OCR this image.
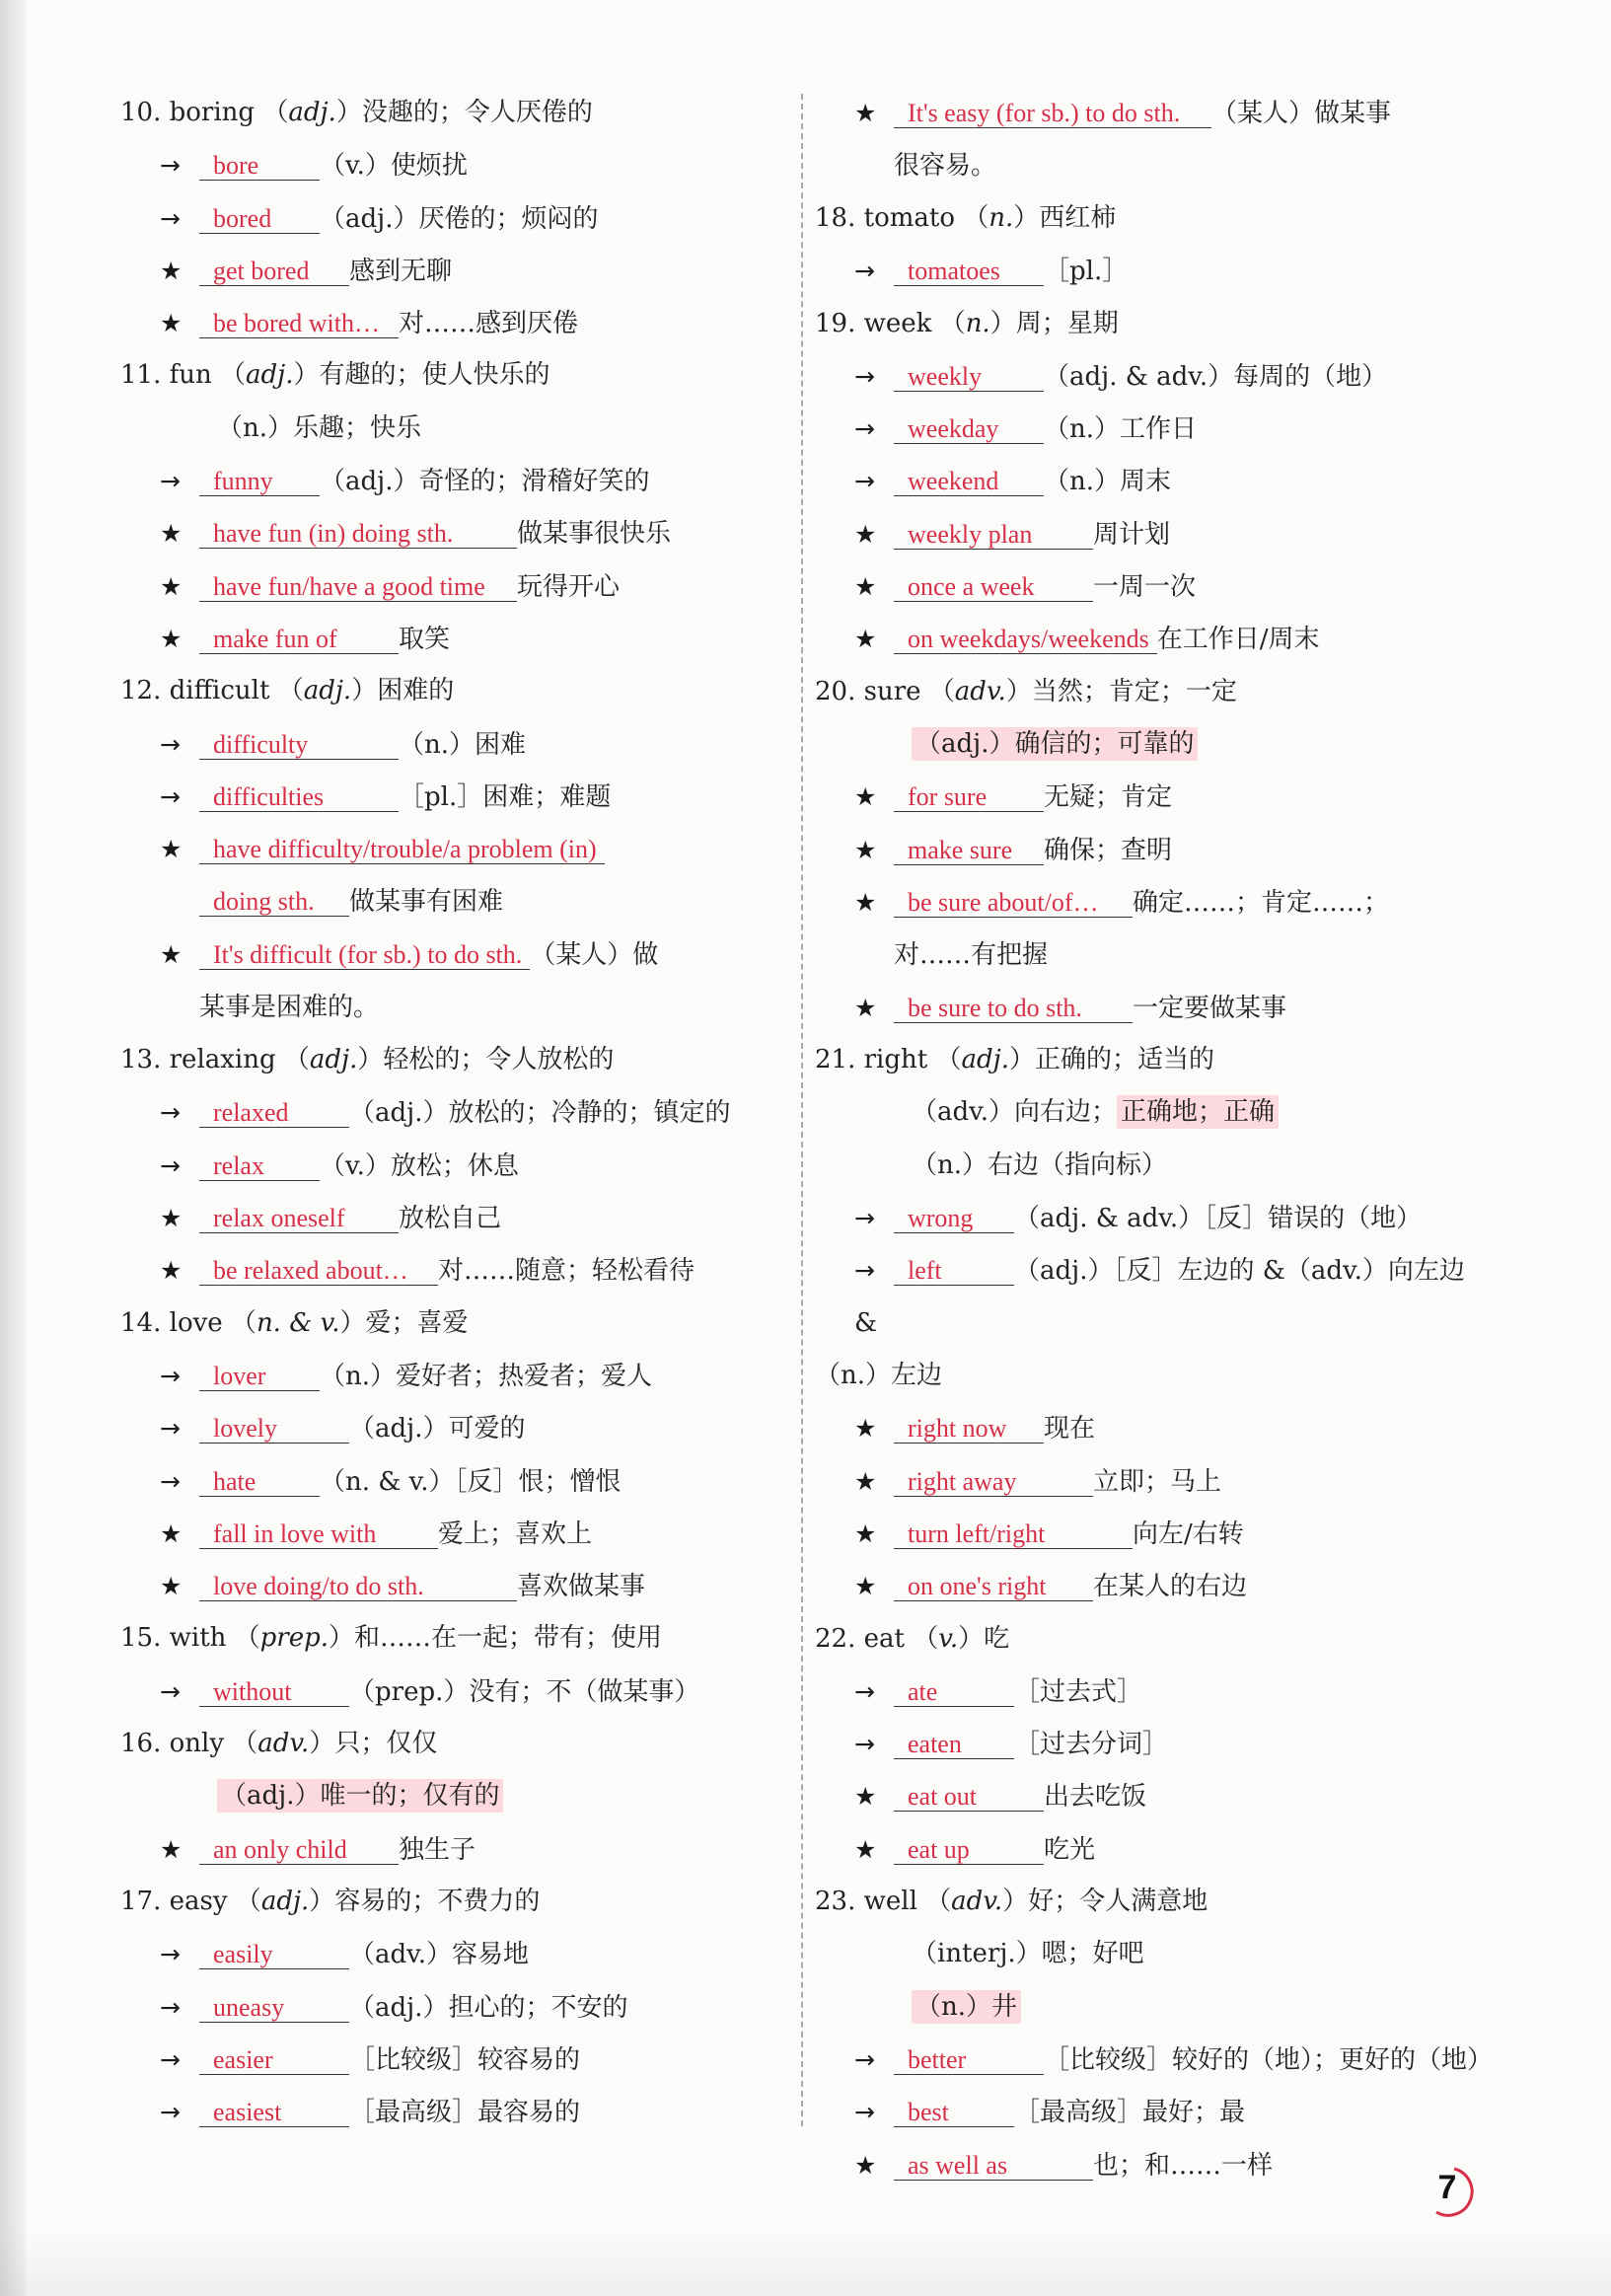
10. boring （adj.）没趣的；令人厌倦的
→ bore （v.）使烦扰
→ bored （adj.）厌倦的；烦闷的
★ get bored 感到无聊
★ be bored with… 对……感到厌倦
11. fun （adj.）有趣的；使人快乐的
（n.）乐趣；快乐
→ funny （adj.）奇怪的；滑稽好笑的
★ have fun (in) doing sth. 做某事很快乐
★ have fun/have a good time 玩得开心
★ make fun of 取笑
12. difficult （adj.）困难的
→ difficulty	（n.）困难
→ difficulties	［pl.］困难；难题
★ have difficulty/trouble/a problem (in)
doing sth. 做某事有困难
★ It's difficult (for sb.) to do sth. （某人）做
某事是困难的。
13. relaxing （adj.）轻松的；令人放松的
→ relaxed （adj.）放松的；冷静的；镇定的
→ relax （v.）放松；休息
★ relax oneself 放松自己
★ be relaxed about… 对……随意；轻松看待
14. love （n. & v.）爱；喜爱
→ lover （n.）爱好者；热爱者；爱人
→ lovely	（adj.）可爱的
→ hate （n. & v.）［反］恨；憎恨
★ fall in love with 爱上；喜欢上
★ love doing/to do sth.	喜欢做某事
15. with （prep.）和……在一起；带有；使用
→ without （prep.）没有；不（做某事）
16. only （adv.）只；仅仅
（adj.）唯一的；仅有的
★ an only child 独生子
17. easy （adj.）容易的；不费力的
→ easily	（adv.）容易地
→ uneasy	（adj.）担心的；不安的
→ easier	［比较级］较容易的
→ easiest	［最高级］最容易的
★ It's easy (for sb.) to do sth. （某人）做某事
很容易。
18. tomato （n.）西红柿
→ tomatoes ［pl.］
19. week （n.）周；星期
→ weekly （adj. & adv.）每周的（地）
→ weekday （n.）工作日
→ weekend （n.）周末
★ weekly plan 周计划
★ once a week 一周一次
★ on weekdays/weekends 在工作日/周末
20. sure （adv.）当然；肯定；一定
（adj.）确信的；可靠的
★ for sure 无疑；肯定
★ make sure 确保；查明
★ be sure about/of… 确定……；肯定……；
对……有把握
★ be sure to do sth. 一定要做某事
21. right （adj.）正确的；适当的
（adv.）向右边； 正确地；正确
（n.）右边（指向标）
→ wrong （adj. & adv.）［反］错误的（地）
→ left	（adj.）［反］左边的 &（adv.）向左边 &
（n.）左边
★ right now 现在
★ right away	立即；马上
★ turn left/right	向左/右转
★ on one's right 在某人的右边
22. eat （v.）吃
→ ate	［过去式］
→ eaten ［过去分词］
★ eat out	出去吃饭
★ eat up	吃光
23. well （adv.）好；令人满意地
（interj.）嗯；好吧
（n.）井
→ better	［比较级］较好的（地）；更好的（地）
→ best	［最高级］最好；最
★ as well as	也；和……一样
7
